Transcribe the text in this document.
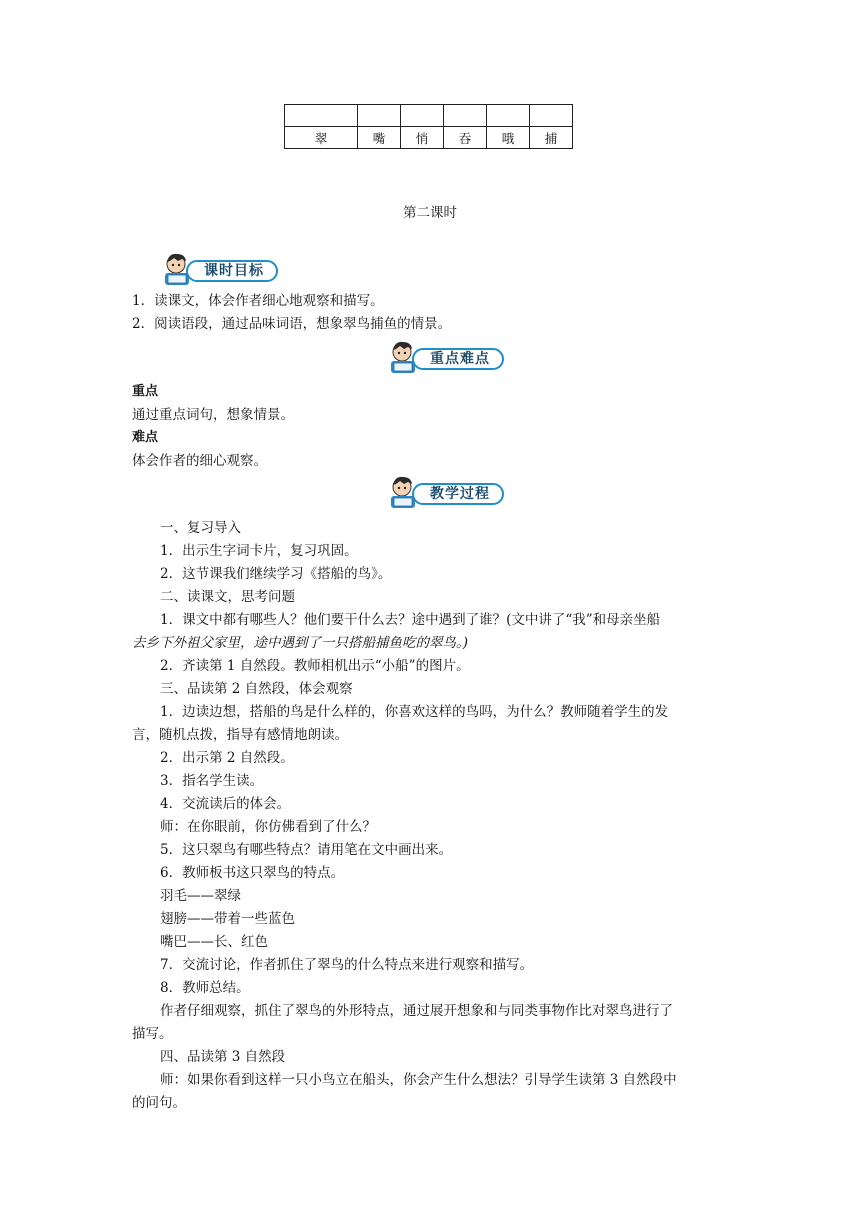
翠	嘴	悄	吞	哦	捕
第二课时
课时目标
1．读课文，体会作者细心地观察和描写。
2．阅读语段，通过品味词语，想象翠鸟捕鱼的情景。
重点难点
重点
通过重点词句，想象情景。
难点
体会作者的细心观察。
教学过程
一、复习导入
1．出示生字词卡片，复习巩固。
2．这节课我们继续学习《搭船的鸟》。
二、读课文，思考问题
1．课文中都有哪些人？他们要干什么去？途中遇到了谁？(文中讲了“我”和母亲坐船
去乡下外祖父家里，途中遇到了一只搭船捕鱼吃的翠鸟。)
2．齐读第 1 自然段。教师相机出示“小船”的图片。
三、品读第 2 自然段，体会观察
1．边读边想，搭船的鸟是什么样的，你喜欢这样的鸟吗，为什么？教师随着学生的发
言，随机点拨，指导有感情地朗读。
2．出示第 2 自然段。
3．指名学生读。
4．交流读后的体会。
师：在你眼前，你仿佛看到了什么？
5．这只翠鸟有哪些特点？请用笔在文中画出来。
6．教师板书这只翠鸟的特点。
羽毛——翠绿
翅膀——带着一些蓝色
嘴巴——长、红色
7．交流讨论，作者抓住了翠鸟的什么特点来进行观察和描写。
8．教师总结。
作者仔细观察，抓住了翠鸟的外形特点，通过展开想象和与同类事物作比对翠鸟进行了
描写。
四、品读第 3 自然段
师：如果你看到这样一只小鸟立在船头，你会产生什么想法？引导学生读第 3 自然段中
的问句。
